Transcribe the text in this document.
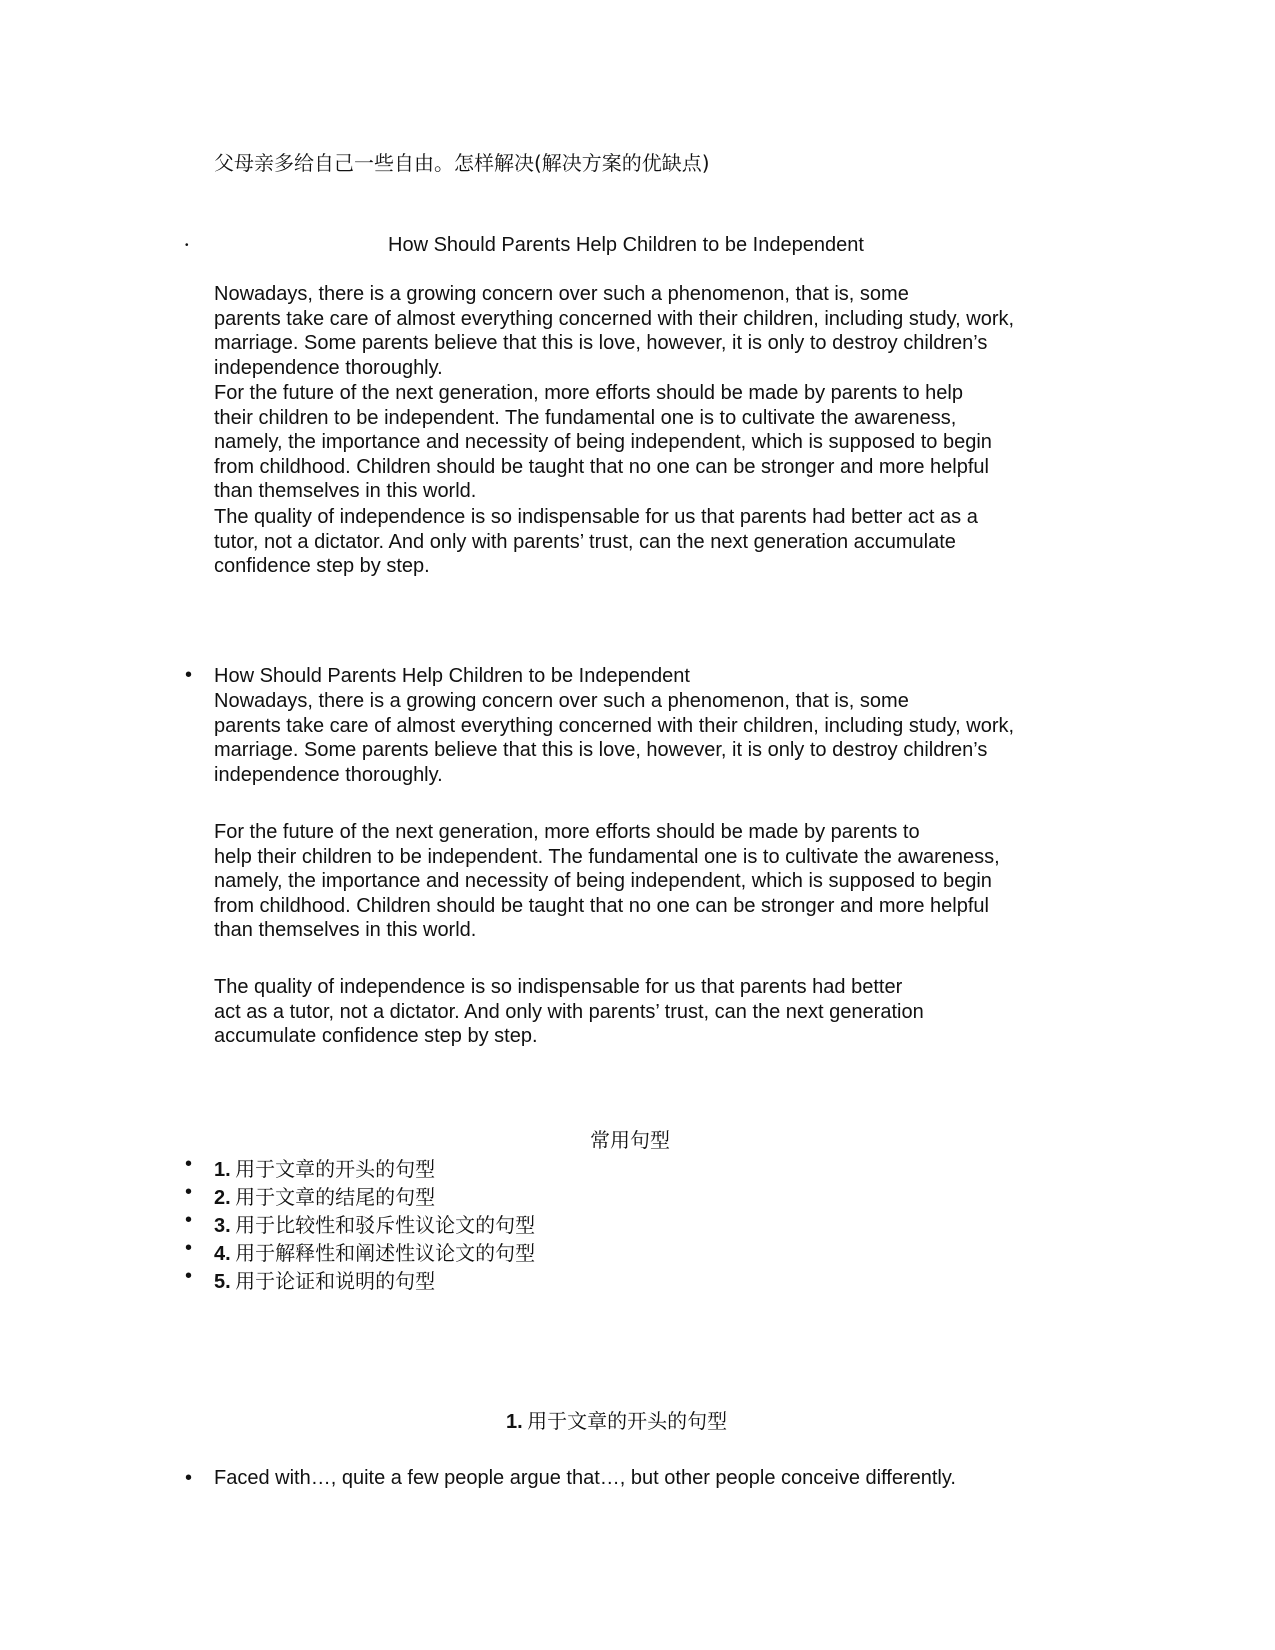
父母亲多给自己一些自由。怎样解决(解决方案的优缺点)
•	How Should Parents Help Children to be Independent
Nowadays, there is a growing concern over such a phenomenon, that is, some
parents take care of almost everything concerned with their children, including study, work,
marriage. Some parents believe that this is love, however, it is only to destroy children’s
independence thoroughly.
For the future of the next generation, more efforts should be made by parents to help
their children to be independent. The fundamental one is to cultivate the awareness,
namely, the importance and necessity of being independent, which is supposed to begin
from childhood. Children should be taught that no one can be stronger and more helpful
than themselves in this world.
The quality of independence is so indispensable for us that parents had better act as a
tutor, not a dictator. And only with parents’ trust, can the next generation accumulate
confidence step by step.
• How Should Parents Help Children to be Independent
Nowadays, there is a growing concern over such a phenomenon, that is, some
parents take care of almost everything concerned with their children, including study, work,
marriage. Some parents believe that this is love, however, it is only to destroy children’s
independence thoroughly.
For the future of the next generation, more efforts should be made by parents to
help their children to be independent. The fundamental one is to cultivate the awareness,
namely, the importance and necessity of being independent, which is supposed to begin
from childhood. Children should be taught that no one can be stronger and more helpful
than themselves in this world.
The quality of independence is so indispensable for us that parents had better
act as a tutor, not a dictator. And only with parents’ trust, can the next generation
accumulate confidence step by step.
常用句型
• 1. 用于文章的开头的句型
• 2. 用于文章的结尾的句型
• 3. 用于比较性和驳斥性议论文的句型
• 4. 用于解释性和阐述性议论文的句型
• 5. 用于论证和说明的句型
1. 用于文章的开头的句型
• Faced with…, quite a few people argue that…, but other people conceive differently.
